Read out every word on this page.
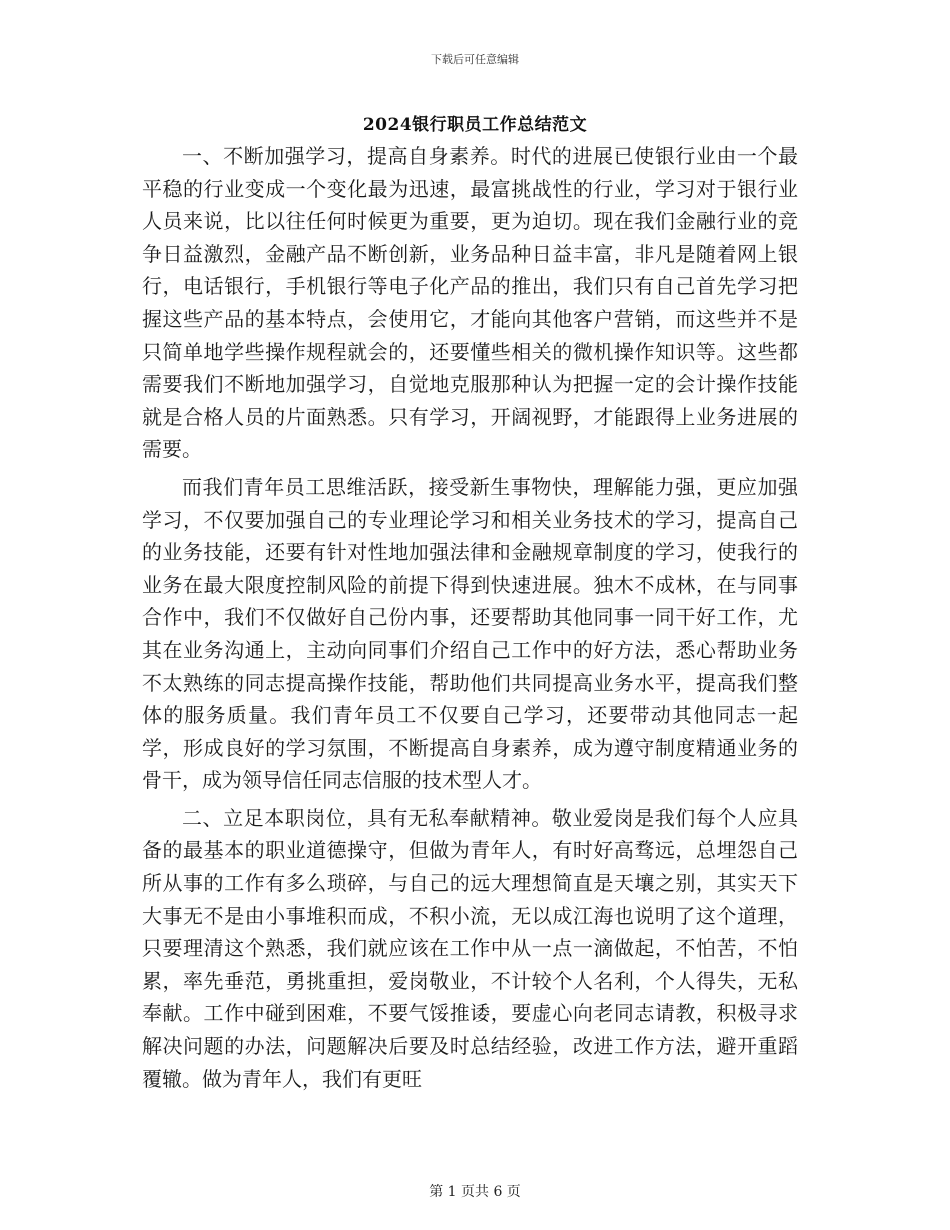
下载后可任意编辑
2024银行职员工作总结范文

一、不断加强学习，提高自身素养。时代的进展已使银行业由一个最平稳的行业变成一个变化最为迅速，最富挑战性的行业，学习对于银行业人员来说，比以往任何时候更为重要，更为迫切。现在我们金融行业的竞争日益激烈，金融产品不断创新，业务品种日益丰富，非凡是随着网上银行，电话银行，手机银行等电子化产品的推出，我们只有自己首先学习把握这些产品的基本特点，会使用它，才能向其他客户营销，而这些并不是只简单地学些操作规程就会的，还要懂些相关的微机操作知识等。这些都需要我们不断地加强学习，自觉地克服那种认为把握一定的会计操作技能就是合格人员的片面熟悉。只有学习，开阔视野，才能跟得上业务进展的需要。

而我们青年员工思维活跃，接受新生事物快，理解能力强，更应加强学习，不仅要加强自己的专业理论学习和相关业务技术的学习，提高自己的业务技能，还要有针对性地加强法律和金融规章制度的学习，使我行的业务在最大限度控制风险的前提下得到快速进展。独木不成林，在与同事合作中，我们不仅做好自己份内事，还要帮助其他同事一同干好工作，尤其在业务沟通上，主动向同事们介绍自己工作中的好方法，悉心帮助业务不太熟练的同志提高操作技能，帮助他们共同提高业务水平，提高我们整体的服务质量。我们青年员工不仅要自己学习，还要带动其他同志一起学，形成良好的学习氛围，不断提高自身素养，成为遵守制度精通业务的骨干，成为领导信任同志信服的技术型人才。

二、立足本职岗位，具有无私奉献精神。敬业爱岗是我们每个人应具备的最基本的职业道德操守，但做为青年人，有时好高骛远，总埋怨自己所从事的工作有多么琐碎，与自己的远大理想简直是天壤之别，其实天下大事无不是由小事堆积而成，不积小流，无以成江海也说明了这个道理，只要理清这个熟悉，我们就应该在工作中从一点一滴做起，不怕苦，不怕累，率先垂范，勇挑重担，爱岗敬业，不计较个人名利，个人得失，无私奉献。工作中碰到困难，不要气馁推诿，要虚心向老同志请教，积极寻求解决问题的办法，问题解决后要及时总结经验，改进工作方法，避开重蹈覆辙。做为青年人，我们有更旺

第 1 页共 6 页
